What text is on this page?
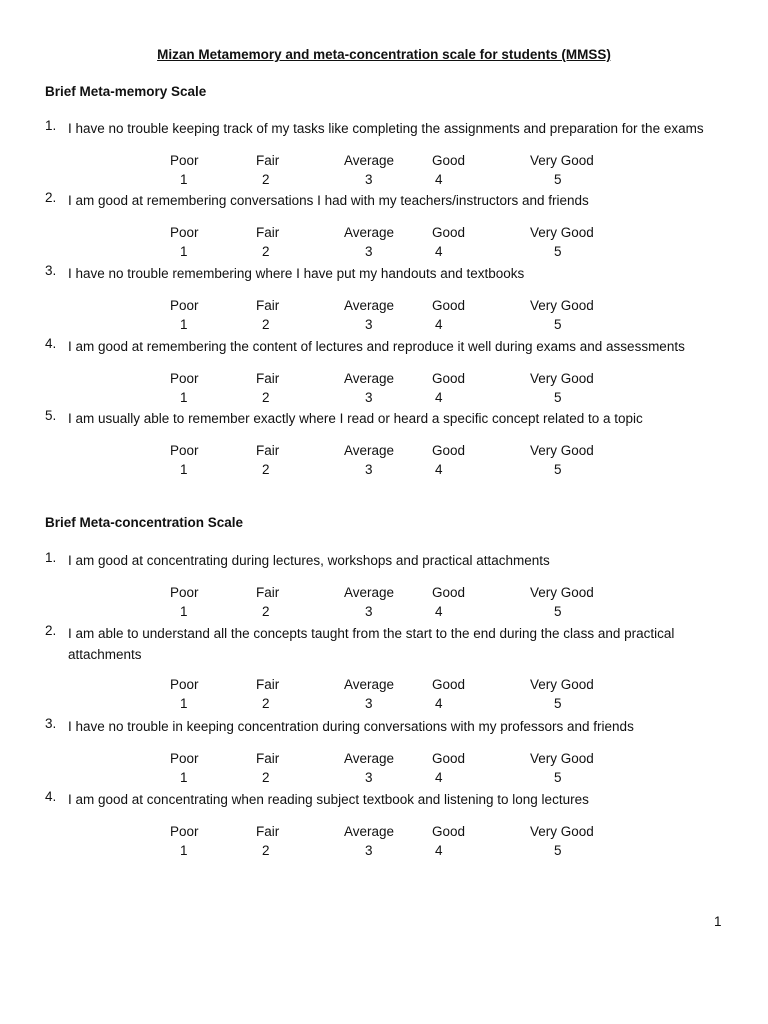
Mizan Metamemory and meta-concentration scale for students (MMSS)
Brief Meta-memory Scale
1. I have no trouble keeping track of my tasks like completing the assignments and preparation for the exams
Poor
1
Fair
2
Average
3
Good
4
Very Good
5
2. I am good at remembering conversations I had with my teachers/instructors and friends
Poor
1
Fair
2
Average
3
Good
4
Very Good
5
3. I have no trouble remembering where I have put my handouts and textbooks
Poor
1
Fair
2
Average
3
Good
4
Very Good
5
4. I am good at remembering the content of lectures and reproduce it well during exams and assessments
Poor
1
Fair
2
Average
3
Good
4
Very Good
5
5. I am usually able to remember exactly where I read or heard a specific concept related to a topic
Poor
1
Fair
2
Average
3
Good
4
Very Good
5
Brief Meta-concentration Scale
1. I am good at concentrating during lectures, workshops and practical attachments
Poor
1
Fair
2
Average
3
Good
4
Very Good
5
2. I am able to understand all the concepts taught from the start to the end during the class and practical attachments
Poor
1
Fair
2
Average
3
Good
4
Very Good
5
3. I have no trouble in keeping concentration during conversations with my professors and friends
Poor
1
Fair
2
Average
3
Good
4
Very Good
5
4. I am good at concentrating when reading subject textbook and listening to long lectures
Poor
1
Fair
2
Average
3
Good
4
Very Good
5
1
